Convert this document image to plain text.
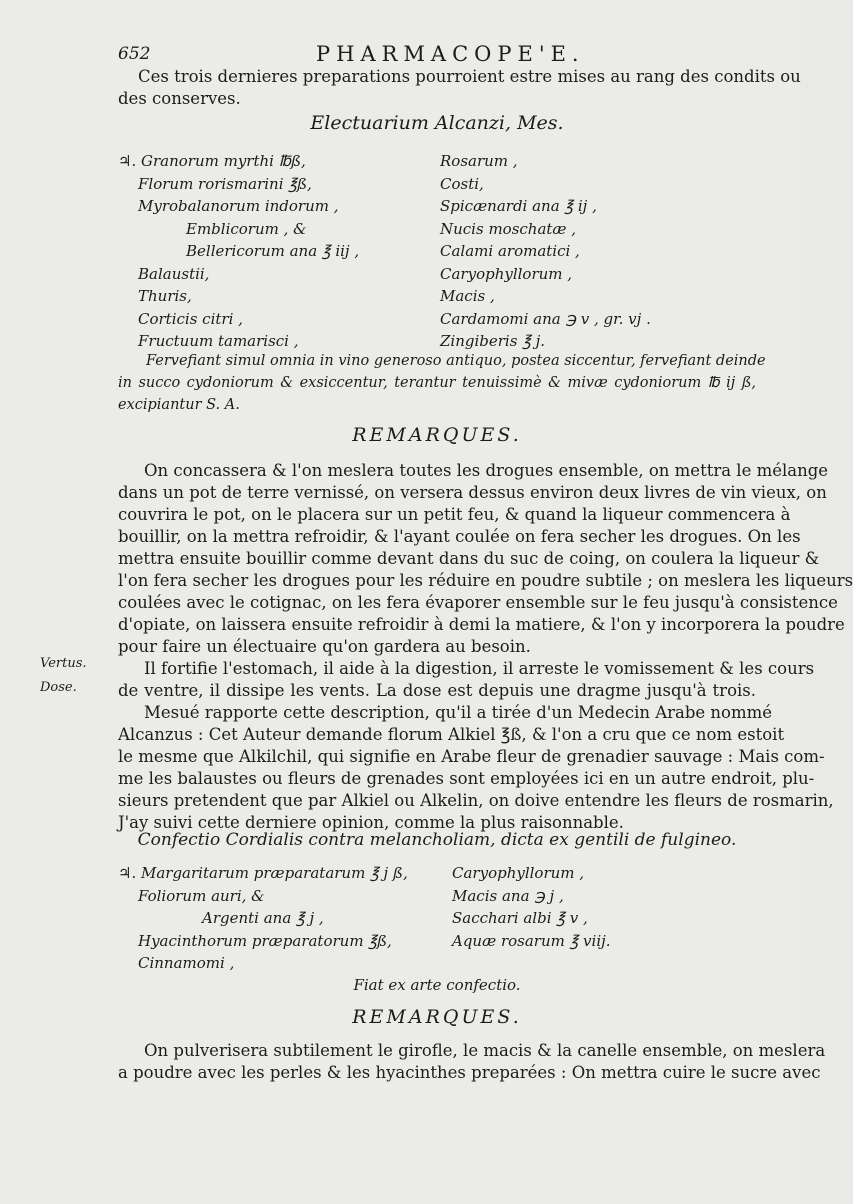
652	PHARMACOPE'E.
Ces trois dernieres preparations pourroient estre mises au rang des condits ou
des conserves.
Electuarium Alcanzi, Mes.
♃. Granorum myrthi ℔ß,
Florum rorismarini ℥ß,
Myrobalanorum indorum ,
Emblicorum , &
Bellericorum ana ℥ iij ,
Balaustii,
Thuris,
Corticis citri ,
Fructuum tamarisci ,
Rosarum ,
Costi,
Spicænardi ana ℥ ij ,
Nucis moschatæ ,
Calami aromatici ,
Caryophyllorum ,
Macis ,
Cardamomi ana ℈ v , gr. vj .
Zingiberis ℥ j.
Fervefiant simul omnia in vino generoso antiquo, postea siccentur, fervefiant deinde
in succo cydoniorum & exsiccentur, terantur tenuissimè & mivæ cydoniorum ℔ ij ß,
excipiantur S. A.
REMARQUES.
On concassera & l'on meslera toutes les drogues ensemble, on mettra le mélange
dans un pot de terre vernissé, on versera dessus environ deux livres de vin vieux, on
couvrira le pot, on le placera sur un petit feu, & quand la liqueur commencera à
bouillir, on la mettra refroidir, & l'ayant coulée on fera secher les drogues. On les
mettra ensuite bouillir comme devant dans du suc de coing, on coulera la liqueur &
l'on fera secher les drogues pour les réduire en poudre subtile ; on meslera les liqueurs
coulées avec le cotignac, on les fera évaporer ensemble sur le feu jusqu'à consistence
d'opiate, on laissera ensuite refroidir à demi la matiere, & l'on y incorporera la poudre
pour faire un électuaire qu'on gardera au besoin.
Il fortifie l'estomach, il aide à la digestion, il arreste le vomissement & les cours
de ventre, il dissipe les vents. La dose est depuis une dragme jusqu'à trois.
Mesué rapporte cette description, qu'il a tirée d'un Medecin Arabe nommé
Alcanzus : Cet Auteur demande florum Alkiel ℥ß, & l'on a cru que ce nom estoit
le mesme que Alkilchil, qui signifie en Arabe fleur de grenadier sauvage : Mais com-
me les balaustes ou fleurs de grenades sont employées ici en un autre endroit, plu-
sieurs pretendent que par Alkiel ou Alkelin, on doive entendre les fleurs de rosmarin,
J'ay suivi cette derniere opinion, comme la plus raisonnable.
Vertus.
Dose.
Confectio Cordialis contra melancholiam, dicta ex gentili de fulgineo.
♃. Margaritarum præparatarum ℥ j ß,
Foliorum auri, &
Argenti ana ℥ j ,
Hyacinthorum præparatorum ℥ß,
Cinnamomi ,
Caryophyllorum ,
Macis ana ℈ j ,
Sacchari albi ℥ v ,
Aquæ rosarum ℥ viij.
Fiat ex arte confectio.
REMARQUES.
On pulverisera subtilement le girofle, le macis & la canelle ensemble, on meslera
a poudre avec les perles & les hyacinthes preparées : On mettra cuire le sucre avec
